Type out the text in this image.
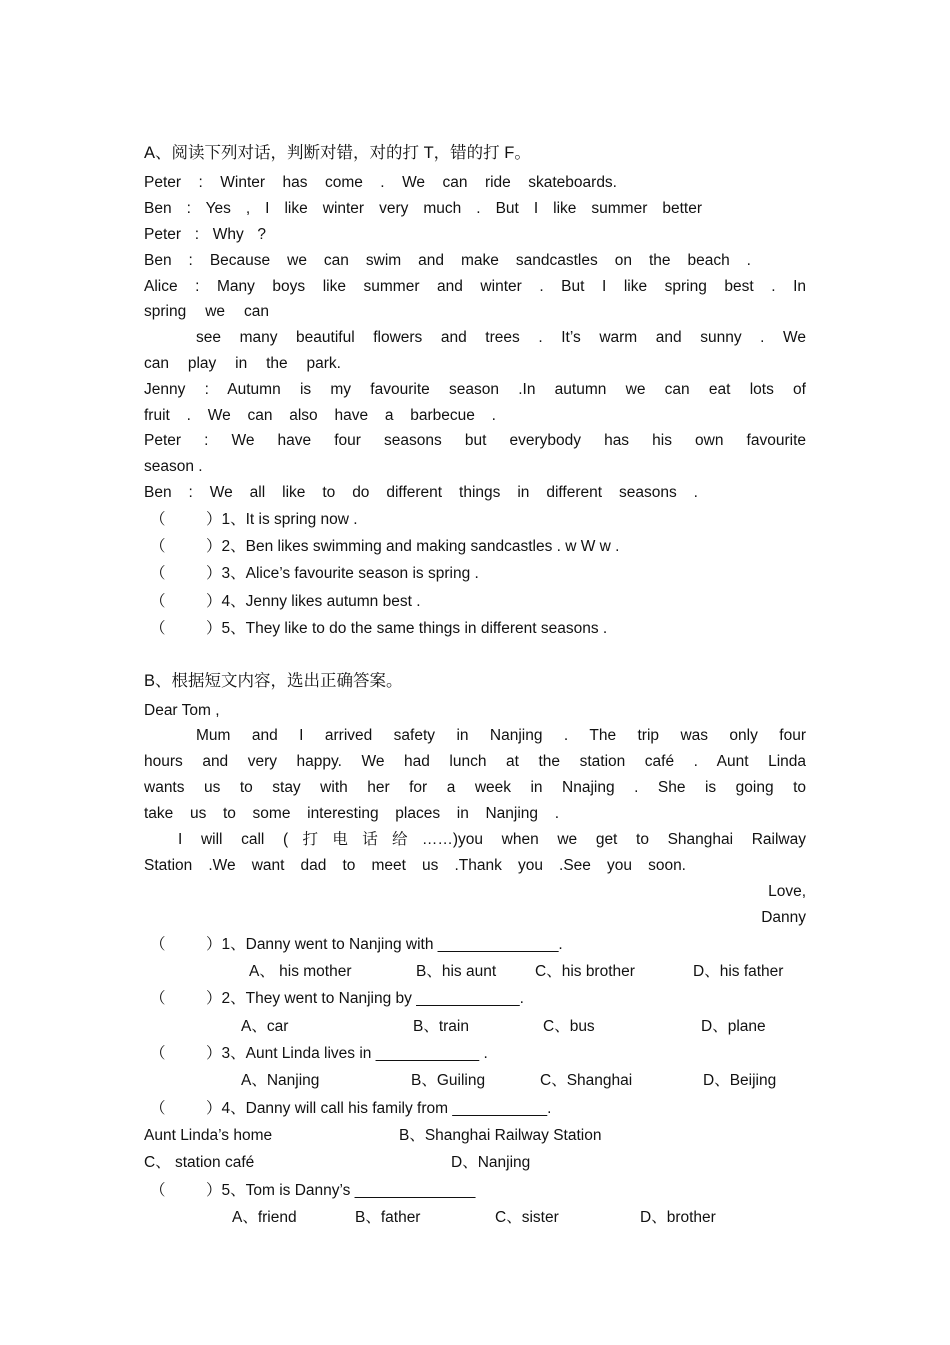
A、阅读下列对话，判断对错，对的打 T，错的打 F。
Peter : Winter has come . We can ride skateboards.
Ben : Yes , I like winter very much . But I like summer better
Peter : Why ?
Ben : Because we can swim and make sandcastles on the beach .
Alice : Many boys like summer and winter . But I like spring best . In
spring we can
see many beautiful flowers and trees . It’s warm and sunny . We
can play in the park.
Jenny : Autumn is my favourite season .In autumn we can eat lots of
fruit . We can also have a barbecue .
Peter : We have four seasons but everybody has his own favourite
season .
Ben : We all like to do different things in different seasons .
（	）1、It is spring now .
（	）2、Ben likes swimming and making sandcastles . w W w .
（	）3、Alice’s favourite season is spring .
（	）4、Jenny likes autumn best .
（	）5、They like to do the same things in different seasons .
B、根据短文内容，选出正确答案。
Dear Tom ,
Mum and I arrived safety in Nanjing . The trip was only four
hours and very happy. We had lunch at the station café . Aunt Linda
wants us to stay with her for a week in Nnajing . She is going to
take us to some interesting places in Nanjing .
I will call (打电话给……)you when we get to Shanghai Railway
Station .We want dad to meet us .Thank you .See you soon.
Love,
Danny
（	）1、Danny went to Nanjing with ______________.
A、 his mother	B、his aunt	C、his brother	D、his father
（	）2、They went to Nanjing by ____________.
A、car	B、train	C、bus	D、plane
（	）3、Aunt Linda lives in ____________ .
A、Nanjing	B、Guiling	C、Shanghai	D、Beijing
（	）4、Danny will call his family from ___________.
Aunt Linda’s home	B、Shanghai Railway Station
C、 station café	D、Nanjing
（	）5、Tom is Danny’s ______________
A、friend	B、father	C、sister	D、brother
